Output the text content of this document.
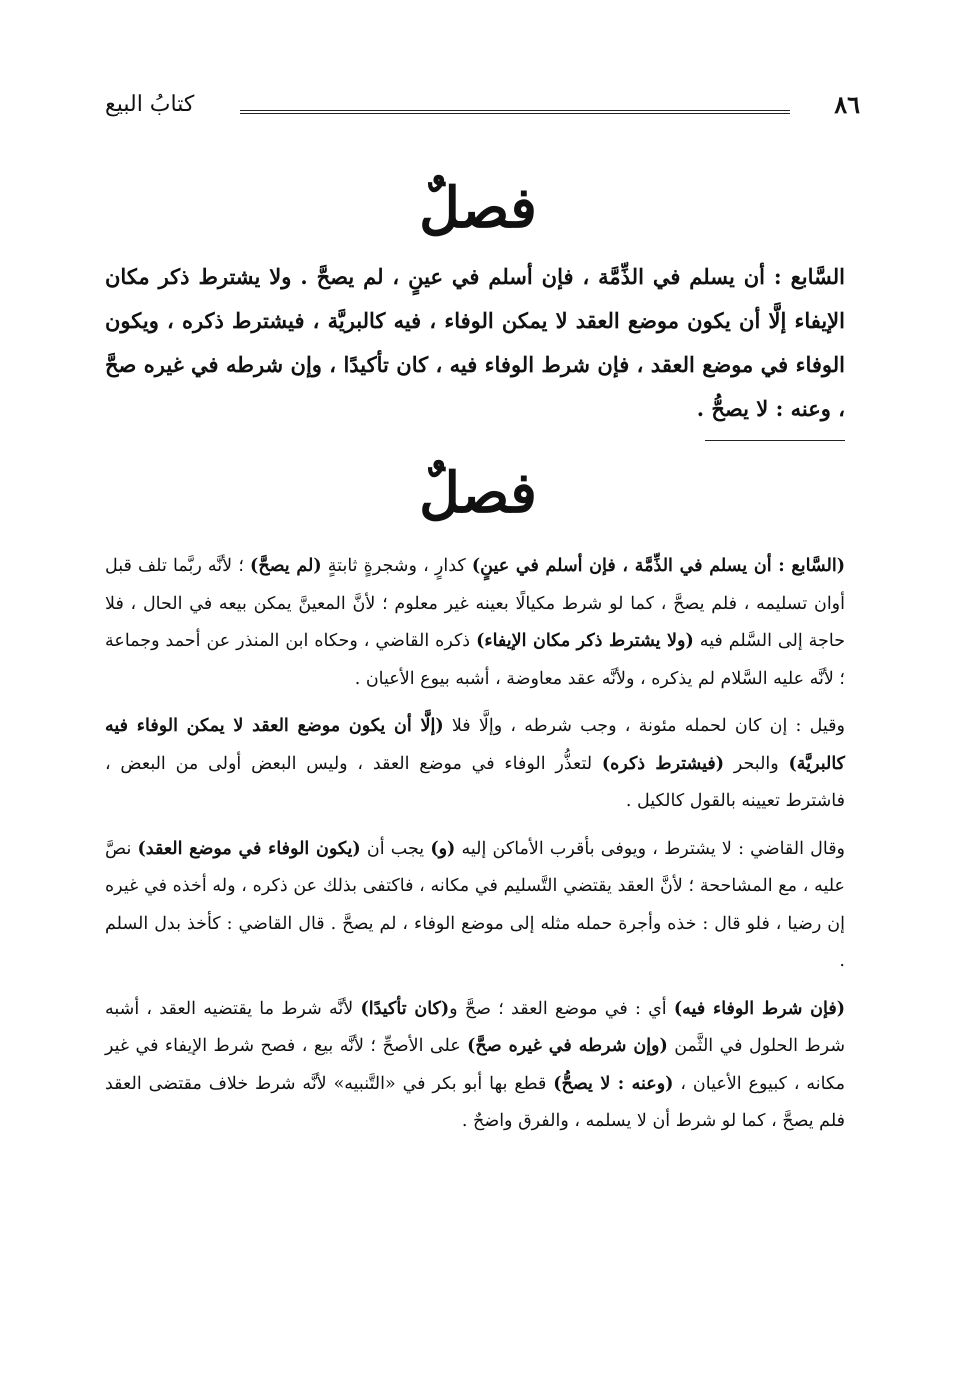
٨٦
كتابُ البيع
فصلٌ
السَّابع : أن يسلم في الذِّمَّة ، فإن أسلم في عينٍ ، لم يصحَّ . ولا يشترط ذكر مكان الإيفاء إلَّا أن يكون موضع العقد لا يمكن الوفاء ، فيه كالبريَّة ، فيشترط ذكره ، ويكون الوفاء في موضع العقد ، فإن شرط الوفاء فيه ، كان تأكيدًا ، وإن شرطه في غيره صحَّ ، وعنه : لا يصحُّ .
فصلٌ

(السَّابع : أن يسلم في الذِّمَّة ، فإن أسلم في عينٍ) كدارٍ ، وشجرةٍ ثابتةٍ (لم يصحَّ) ؛ لأنَّه ربَّما تلف قبل أوان تسليمه ، فلم يصحَّ ، كما لو شرط مكيالًا بعينه غير معلوم ؛ لأنَّ المعينَّ يمكن بيعه في الحال ، فلا حاجة إلى السَّلم فيه (ولا يشترط ذكر مكان الإيفاء) ذكره القاضي ، وحكاه ابن المنذر عن أحمد وجماعة ؛ لأنَّه عليه السَّلام لم يذكره ، ولأنَّه عقد معاوضة ، أشبه بيوع الأعيان .

وقيل : إن كان لحمله مئونة ، وجب شرطه ، وإلَّا فلا (إلَّا أن يكون موضع العقد لا يمكن الوفاء فيه كالبريَّة) والبحر (فيشترط ذكره) لتعذُّر الوفاء في موضع العقد ، وليس البعض أولى من البعض ، فاشترط تعيينه بالقول كالكيل .

وقال القاضي : لا يشترط ، ويوفى بأقرب الأماكن إليه (و) يجب أن (يكون الوفاء في موضع العقد) نصَّ عليه ، مع المشاححة ؛ لأنَّ العقد يقتضي التَّسليم في مكانه ، فاكتفى بذلك عن ذكره ، وله أخذه في غيره إن رضيا ، فلو قال : خذه وأجرة حمله مثله إلى موضع الوفاء ، لم يصحَّ . قال القاضي : كأخذ بدل السلم .

(فإن شرط الوفاء فيه) أي : في موضع العقد ؛ صحَّ و(كان تأكيدًا) لأنَّه شرط ما يقتضيه العقد ، أشبه شرط الحلول في الثَّمن (وإن شرطه في غيره صحَّ) على الأصحِّ ؛ لأنَّه بيع ، فصح شرط الإيفاء في غير مكانه ، كبيوع الأعيان ، (وعنه : لا يصحُّ) قطع بها أبو بكر في «التَّنبيه» لأنَّه شرط خلاف مقتضى العقد فلم يصحَّ ، كما لو شرط أن لا يسلمه ، والفرق واضحٌ .
